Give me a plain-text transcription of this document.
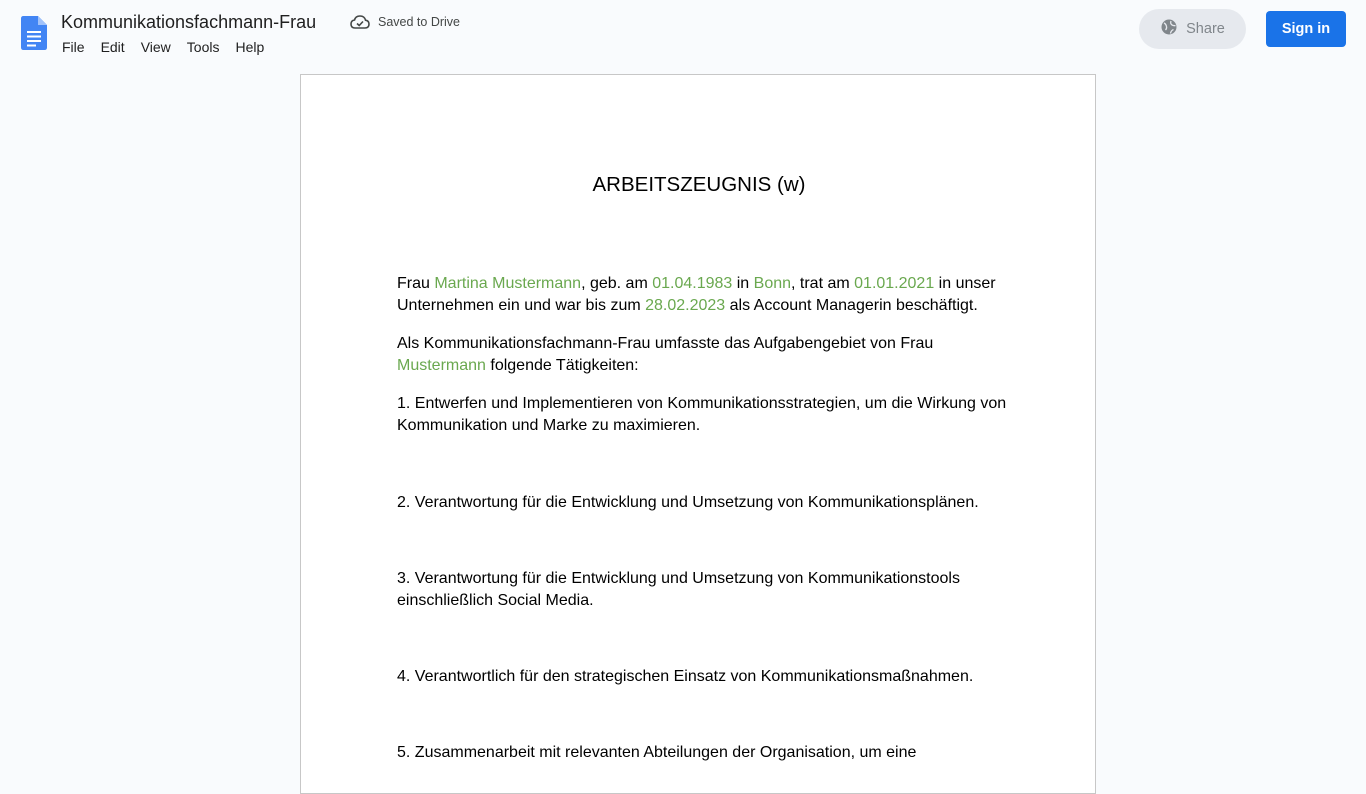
Kommunikationsfachmann-Frau	Saved to Drive
File	Edit	View	Tools	Help
Share	Sign in
ARBEITSZEUGNIS (w)
Frau Martina Mustermann, geb. am 01.04.1983 in Bonn, trat am 01.01.2021 in unser Unternehmen ein und war bis zum 28.02.2023 als Account Managerin beschäftigt.
Als Kommunikationsfachmann-Frau umfasste das Aufgabengebiet von Frau Mustermann folgende Tätigkeiten:
1. Entwerfen und Implementieren von Kommunikationsstrategien, um die Wirkung von Kommunikation und Marke zu maximieren.
2. Verantwortung für die Entwicklung und Umsetzung von Kommunikationsplänen.
3. Verantwortung für die Entwicklung und Umsetzung von Kommunikationstools einschließlich Social Media.
4. Verantwortlich für den strategischen Einsatz von Kommunikationsmaßnahmen.
5. Zusammenarbeit mit relevanten Abteilungen der Organisation, um eine
